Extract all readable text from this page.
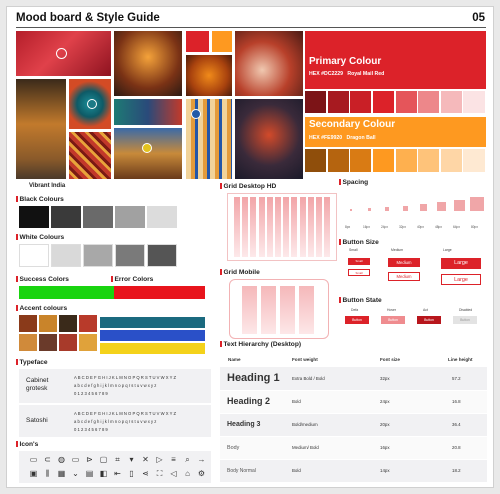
Mood board & Style Guide	05
Primary Colour
HEX #DC2229   Royal Mail Red
Secondary Colour
HEX #FE9920   Dragon Ball
Vibrant India
Black Colours
White Colours
Success Colors	Error Colors
Accent colours
Typeface
Cabinet grotesk
A B C D E F G H I J K L M N O P Q R S T U V W X Y Z
a b c d e f g h i j k l m n o p q r s t u v w x y z
0 1 2 3 4 5 6 7 8 9
Satoshi
A B C D E F G H I J K L M N O P Q R S T U V W X Y Z
a b c d e f g h i j k l m n o p q r s t u v w x y z
0 1 2 3 4 5 6 7 8 9
Icon's
▭ ⊂ ◍ ▭ ⊳ ▢ ⌗	▾	✕ ▷ ≡ ⌕ →
▣	⫼	▦ ⌄ ▤ ◧ ⇤ ▯ ⋖ ⛶ ◁ ⌂ ⚙
Grid Desktop HD
Grid Mobile
Spacing
8px	16px	24px	32px	40px	48px	64px	80px
Button Size
Small	Medium	Large
Small
Small
Medium
Medium
Large
Large
Button State
Defa
Button
Hover
Button
Act
Button
Disabled
Button
Text Hierarchy (Desktop)
Name	Font weight	Font size	Line height
Heading 1	Extra Bold / Bold	32px	57.2
Heading 2	Bold	24px	16.8
Heading 3	Bold/medium	20px	36.4
Body	Medium/ Bold	16px	20.8
Body Normal	Bold	14px	18.2
